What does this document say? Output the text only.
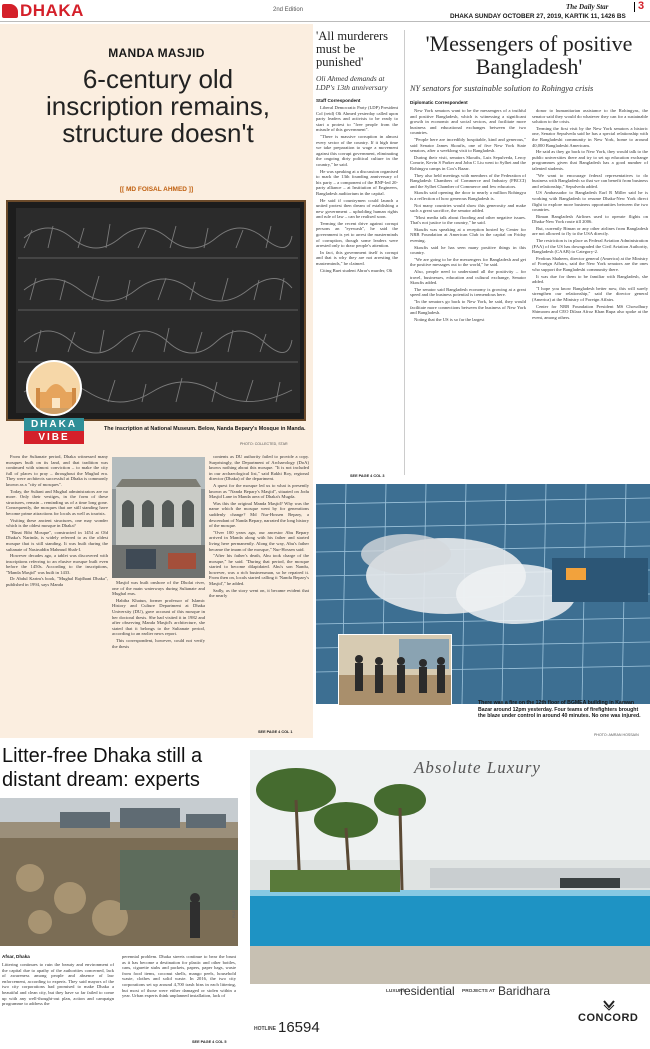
DHAKA	2nd Edition	The Daily Star	3
DHAKA SUNDAY OCTOBER 27, 2019, KARTIK 11, 1426 BS
MANDA MASJID
6-century old inscription remains, structure doesn't
[[ MD FOISAL AHMED ]]
DHAKA
VIBE
The inscription at National Museum. Below, Nanda Bepary's Mosque in Manda.
PHOTO: COLLECTED, STAR

From the Sultanate period, Dhaka witnessed many mosques built on its land, and that tradition was continued with utmost conviction – to make the city full of places to pray – throughout the Mughal era. They were architects successful at Dhaka is commonly known as a "city of mosques".

Today, the Sultani and Mughal administrators are no more. Only their vestiges, in the form of these structures, remain – reminding us of a time long gone. Consequently, the mosques that are still standing have become prime attractions for locals as well as tourists.

Visiting these ancient structures, one may wonder which is the oldest mosque in Dhaka?

"Binat Bibi Mosque", constructed in 1454 at Old Dhaka's Narinda, is widely referred to as the oldest mosque that is still standing. It was built during the sultanate of Nasiruddin Mahmud Shah-I.

However decades ago, a tablet was discovered with inscriptions referring to an elusive mosque built even before the 1450s. According to the inscriptions, "Manda Masjid" was built in 1433.

Dr Abdul Karim's book, "Mughal Rajdhani Dhaka", published in 1994, says Manda	Masjid was built onshore of the Dholai river, one of the main waterways during Sultanate and Mughal eras.

Habiba Khatun, former professor of Islamic History and Culture Department at Dhaka University (DU), gave account of this mosque in her doctoral thesis. She had visited it in 1982 and after observing Manda Masjid's architecture, she stated that it belongs to the Sultanate period, according to an earlier news report.

This correspondent, however, could not verify the thesis

contents as DU authority failed to provide a copy. Surprisingly, the Department of Archaeology (DoA) knows nothing about this mosque. "It is not included in our archaeological list," said Rakhi Roy, regional director (Dhaka) of the department.

A quest for the mosque led us to what is presently known as "Nanda Bepary's Masjid", situated on Jodu Masjid Lane in Manda area of Dhaka's Mugda.

Was this the original Manda Masjid? Why was the name which the mosque went by for generations suddenly change? Md Nur-Hossen Bepary, a descendant of Nanda Bepary, narrated the long history of the mosque.

"Over 100 years ago, our ancestor Abu Bepary arrived in Manda along with his father and started living here permanently. Along the way, Abu's father became the imam of the mosque," Nur-Hossen said.

"After his father's death, Abu took charge of the mosque," he said. "During that period, the mosque started to become dilapidated. Abu's son Nandu, however, was a rich businessman, so he repaired it. From then on, locals started calling it 'Nandu Bepary's Masjid'," he added.

Sadly, as the story went on, it became evident that the nearly

SEE PAGE 4 COL 1
'All murderers must be punished'
Oli Ahmed demands at LDP's 13th anniversary
Staff Correspondent

Liberal Democratic Party (LDP) President Col (retd) Oli Ahmed yesterday called upon party leaders and activists to be ready to start a protest to "free people from the misrule of this government".

"There is massive corruption in almost every sector of the country. If it high time we take preparation to wage a movement against this corrupt government, eliminating the ongoing dirty political culture in the country," he said.

He was speaking at a discussion organised to mark the 13th founding anniversary of his party – a component of the BNP-led 20-party alliance – at Institution of Engineers, Bangladesh auditorium in the capital.

He said if countrymen could launch a united protest then dream of establishing a new government – upholding human rights and rule of law – can be realised soon.

Terming the recent drive against corrupt persons an "eyewash", he said the government is yet to arrest the masterminds of corruption, though some leaders were arrested only to draw people's attention.

In fact, this government itself is corrupt and that is why they are not arresting the masterminds," he claimed.

Citing Buet student Abrar's murder, Oli

SEE PAGE 4 COL 3
'Messengers of positive Bangladesh'
NY senators for sustainable solution to Rohingya crisis
Diplomatic Correspondent

New York senators want to be the messengers of a truthful and positive Bangladesh, which is witnessing a significant growth in economic and social sectors, and facilitate more business and educational exchanges between the two countries.

"People here are incredibly hospitable, kind and generous," said Senator James Skoufis, one of five New York State senators, after a weeklong visit to Bangladesh.

During their visit, senators Skoufis, Luis Sepulveda, Leroy Comrie, Kevin S Parker and John C Liu went to Sylhet and the Rohingya camps in Cox's Bazar.

They also held meetings with members of the Federation of Bangladesh Chambers of Commerce and Industry (FBCCI) and the Sylhet Chamber of Commerce and few educators.

Skoufis said opening the door to nearly a million Rohingya is a reflection of how generous Bangladesh is.

Not many countries would show this generosity and make such a great sacrifice, the senator added.

"Most media talk about flooding and other negative issues. That's not justice to the country," he said.

Skoufis was speaking at a reception hosted by Center for NRB Foundation at American Club in the capital on Friday evening.

Skoufis said he has seen many positive things in this country.

"We are going to be the messengers for Bangladesh and get the positive messages out to the world," he said.

Also, people need to understand all the positivity – for travel, businesses, education and cultural exchange, Senator Skoufis added.

The senator said Bangladesh economy is growing at a great speed and the business potential is tremendous here.

"In the senators go back to New York, he said, they would facilitate more connections between the business of New York and Bangladesh.

Noting that the US is so far the largest

donor to humanitarian assistance to the Rohingyas, the senator said they would do whatever they can for a sustainable solution to the crisis.

Terming the first visit by the New York senators a historic one, Senator Sepulveda said he has a special relationship with the Bangladeshi community in New York, home to around 40,000 Bangladeshi Americans.

He said as they go back to New York, they would talk to the public universities there and try to set up education exchange programmes given that Bangladesh has a good number of talented students.

"We want to encourage federal representatives to do business with Bangladesh so that we can benefit from business and relationship," Sepulveda added.

US Ambassador to Bangladesh Earl R Miller said he is working with Bangladesh to resume Dhaka-New York direct flight to explore more business opportunities between the two countries.

Biman Bangladesh Airlines used to operate flights on Dhaka-New York route till 2006.

But, currently Biman or any other airlines from Bangladesh are not allowed to fly to the USA directly.

The restriction is in place as Federal Aviation Administration (FAA) of the US has downgraded the Civil Aviation Authority, Bangladesh (CAAB) to Category-2.

Ferdous Shaheen, director general (America) at the Ministry of Foreign Affairs, said the New York senators are the ones who support the Bangladeshi community there.

It was due for them to be familiar with Bangladesh, she added.

"I hope you know Bangladesh better now, this will surely strengthen our relationship," said the director general (America) at the Ministry of Foreign Affairs.

Center for NRB Foundation President MS Chowdhury Shimoom and CEO Dilara Afroz Khan Rupa also spoke at the event, among others.

There was a fire on the 12th floor of BGMEA building in Karwan Bazar around 12pm yesterday. Four teams of firefighters brought the blaze under control in around 40 minutes. No one was injured.
PHOTO: AMRAN HOSSAIN
Litter-free Dhaka still a distant dream: experts
FILE PHOTO
Afsar, Dhaka
Littering continues to ruin the beauty and environment of the capital due to apathy of the authorities concerned, lack of awareness among people and absence of law enforcement, according to experts. They said mayors of the two city corporations had promised to make Dhaka a beautiful and clean city, but they have so far failed to come up with any well-thought-out plan, action and campaign programme to address the
perennial problem. Dhaka streets continue to bear the brunt as it has become a destination for plastic and other bottles, cans, cigarette stubs and packets, papers, paper bags, waste from food items, coconut shells, mango peels, household waste, clothes and solid waste. In 2016, the two city corporations set up around 4,700 trash bins in each littering, but most of those were either damaged or stolen within a year. Urban experts think unplanned installation, lack of
SEE PAGE 4 COL 5
Absolute Luxury
LUXURY
residential PROJECTS AT Baridhara
HOTLINE 16594
CONCORD
